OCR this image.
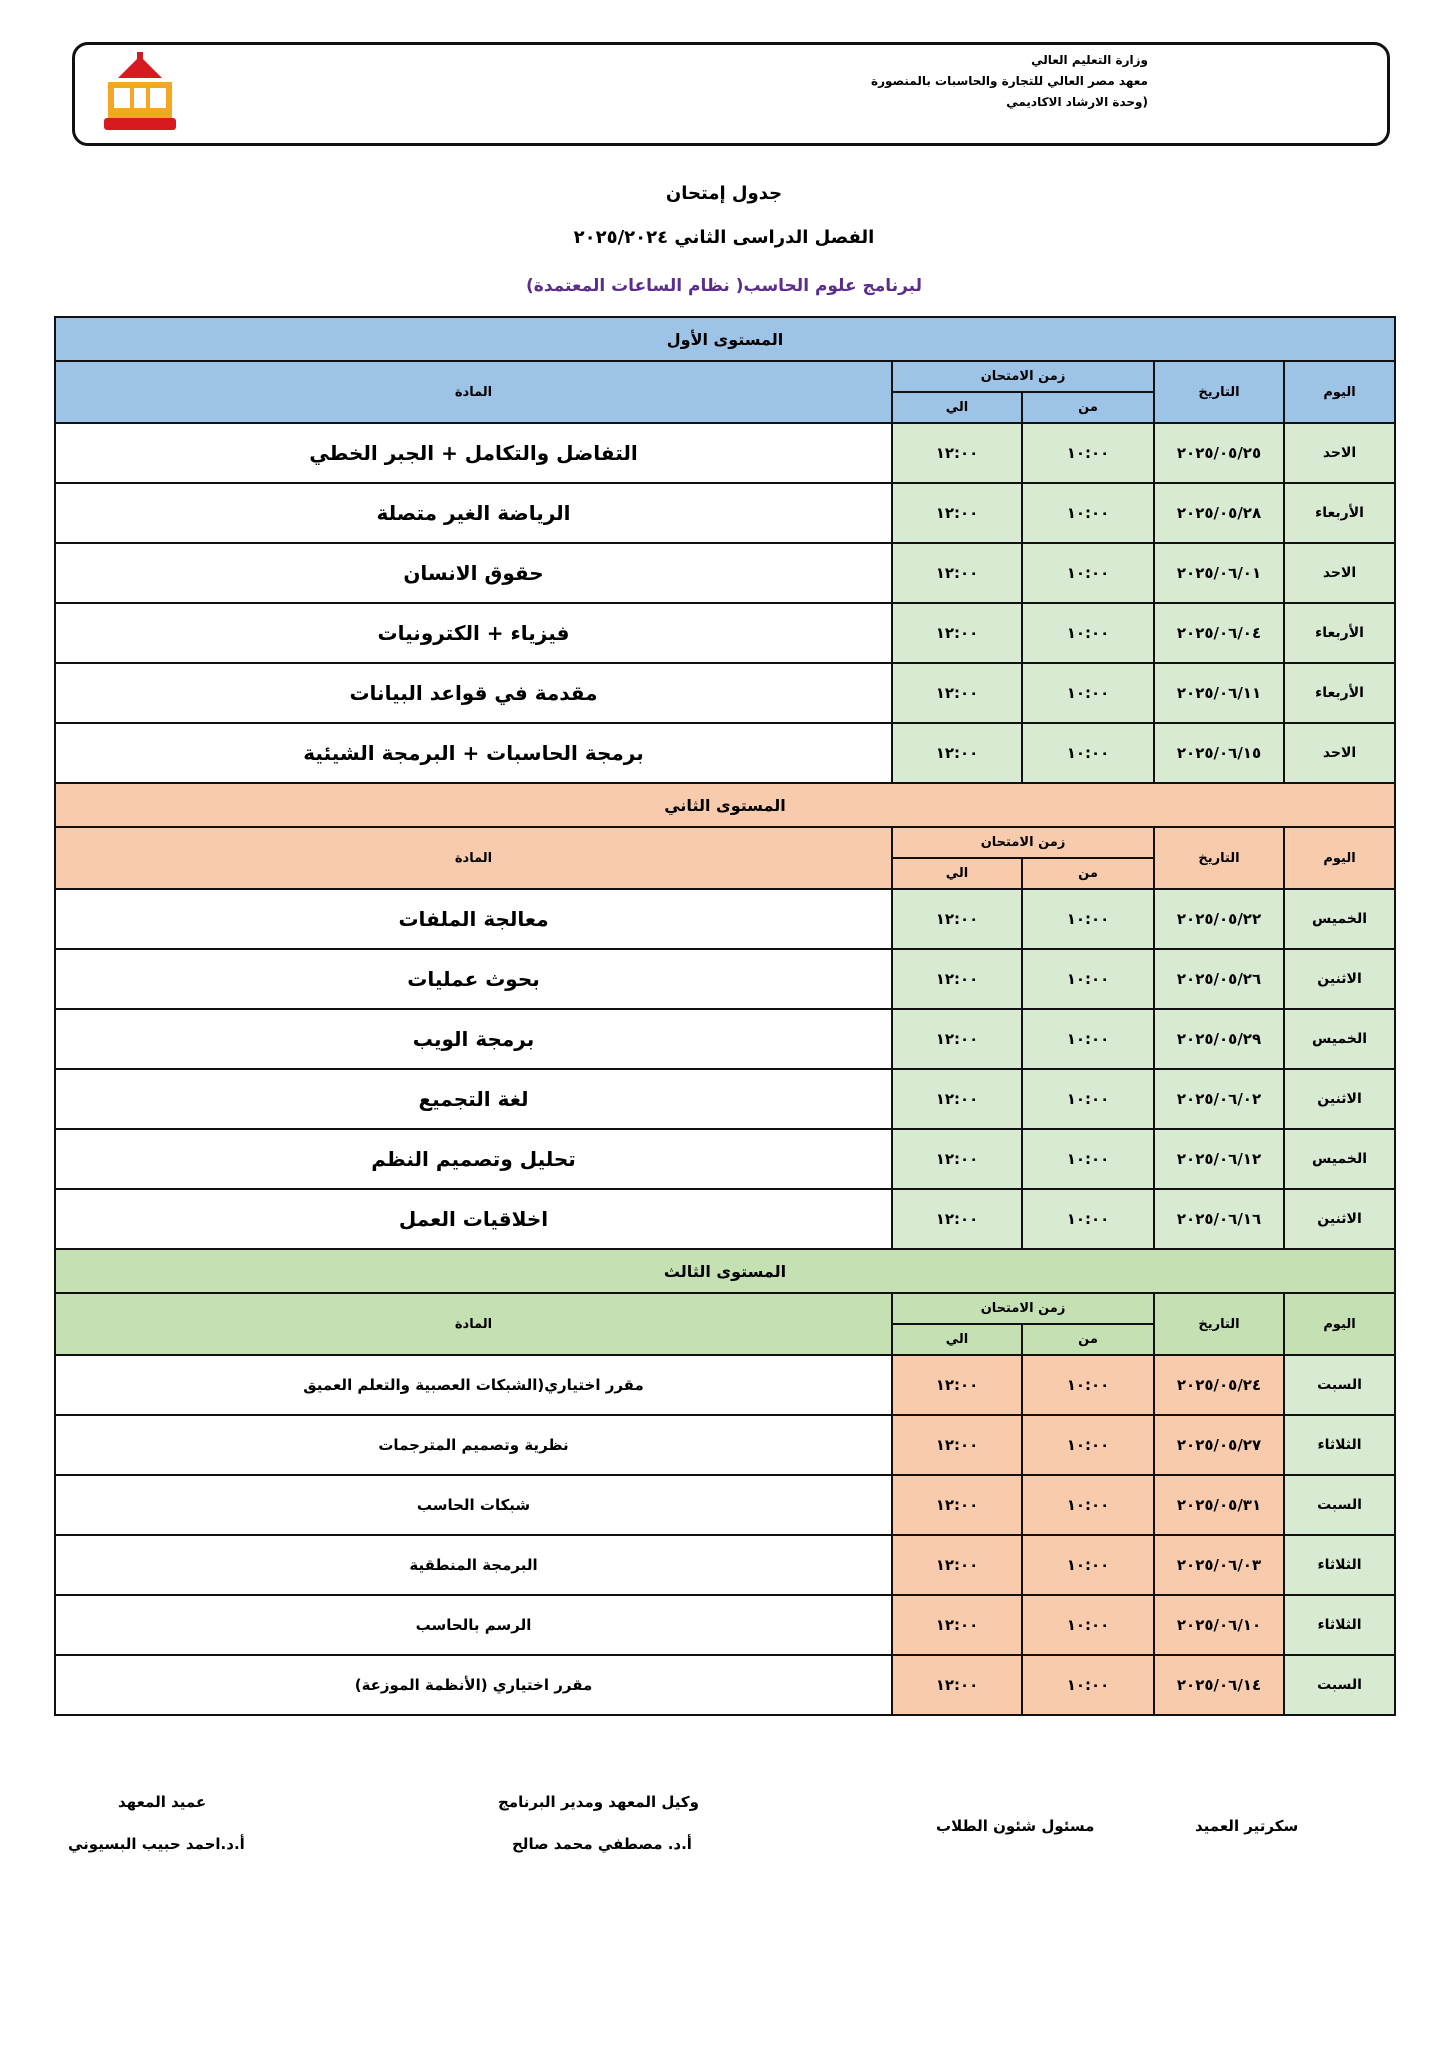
وزارة التعليم العالي
معهد مصر العالي للتجارة والحاسبات بالمنصورة
(وحدة الارشاد الاكاديمي
جدول إمتحان
الفصل الدراسى الثاني ٢٠٢٥/٢٠٢٤
لبرنامج علوم الحاسب( نظام الساعات المعتمدة)
المستوى الأول				
اليوم	التاريخ	زمن الامتحان		المادة
		من	الي	
الاحد	٢٠٢٥/٠٥/٢٥	١٠:٠٠	١٢:٠٠	التفاضل والتكامل + الجبر الخطي
الأربعاء	٢٠٢٥/٠٥/٢٨	١٠:٠٠	١٢:٠٠	الرياضة الغير متصلة
الاحد	٢٠٢٥/٠٦/٠١	١٠:٠٠	١٢:٠٠	حقوق الانسان
الأربعاء	٢٠٢٥/٠٦/٠٤	١٠:٠٠	١٢:٠٠	فيزياء + الكترونيات
الأربعاء	٢٠٢٥/٠٦/١١	١٠:٠٠	١٢:٠٠	مقدمة في قواعد البيانات
الاحد	٢٠٢٥/٠٦/١٥	١٠:٠٠	١٢:٠٠	برمجة الحاسبات + البرمجة الشيئية
المستوى الثاني				
اليوم	التاريخ	زمن الامتحان		المادة
		من	الي	
الخميس	٢٠٢٥/٠٥/٢٢	١٠:٠٠	١٢:٠٠	معالجة الملفات
الاثنين	٢٠٢٥/٠٥/٢٦	١٠:٠٠	١٢:٠٠	بحوث عمليات
الخميس	٢٠٢٥/٠٥/٢٩	١٠:٠٠	١٢:٠٠	برمجة الويب
الاثنين	٢٠٢٥/٠٦/٠٢	١٠:٠٠	١٢:٠٠	لغة التجميع
الخميس	٢٠٢٥/٠٦/١٢	١٠:٠٠	١٢:٠٠	تحليل وتصميم النظم
الاثنين	٢٠٢٥/٠٦/١٦	١٠:٠٠	١٢:٠٠	اخلاقيات العمل
المستوى الثالث				
اليوم	التاريخ	زمن الامتحان		المادة
		من	الي	
السبت	٢٠٢٥/٠٥/٢٤	١٠:٠٠	١٢:٠٠	مقرر اختياري(الشبكات العصبية والتعلم العميق
الثلاثاء	٢٠٢٥/٠٥/٢٧	١٠:٠٠	١٢:٠٠	نظرية وتصميم المترجمات
السبت	٢٠٢٥/٠٥/٣١	١٠:٠٠	١٢:٠٠	شبكات الحاسب
الثلاثاء	٢٠٢٥/٠٦/٠٣	١٠:٠٠	١٢:٠٠	البرمجة المنطقية
الثلاثاء	٢٠٢٥/٠٦/١٠	١٠:٠٠	١٢:٠٠	الرسم بالحاسب
السبت	٢٠٢٥/٠٦/١٤	١٠:٠٠	١٢:٠٠	مقرر اختياري (الأنظمة الموزعة)
سكرتير العميد
مسئول شئون الطلاب
وكيل المعهد ومدير البرنامج
أ.د. مصطفي محمد صالح
عميد المعهد
أ.د.احمد حبيب البسيوني
